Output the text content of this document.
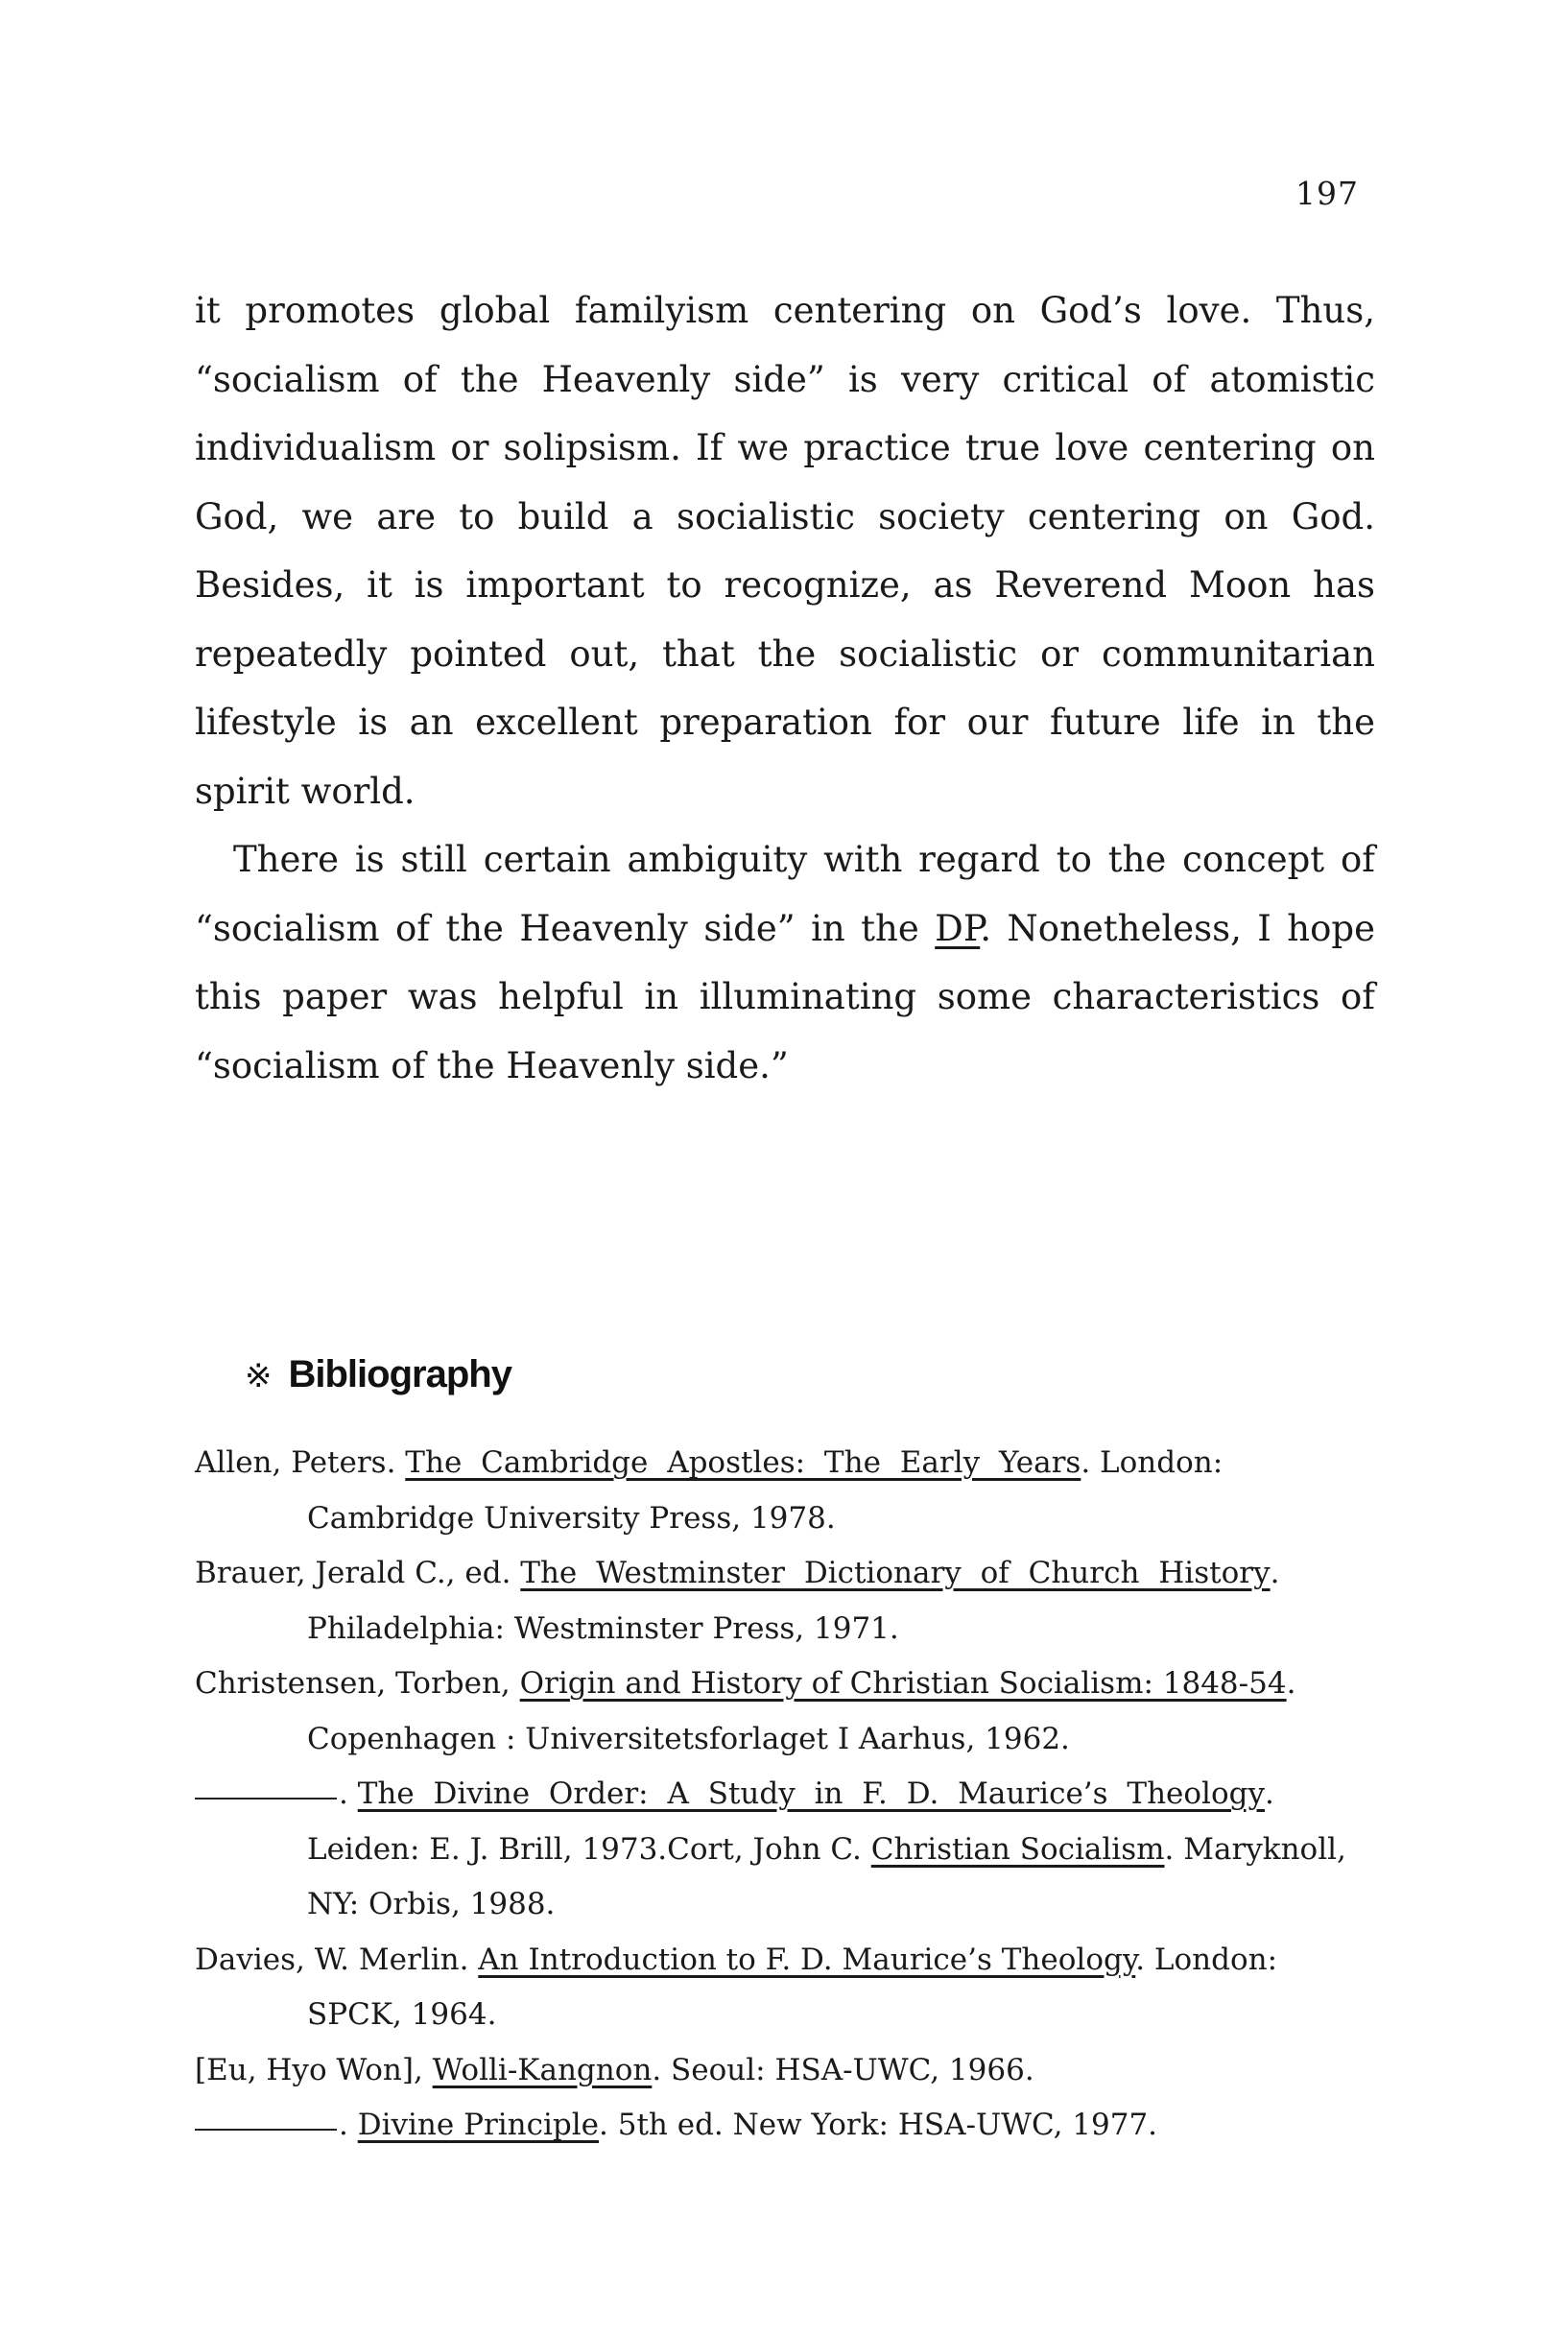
197

it promotes global familyism centering on God’s love. Thus, “socialism of the Heavenly side” is very critical of atomistic individualism or solipsism. If we practice true love centering on God, we are to build a socialistic society centering on God. Besides, it is important to recognize, as Reverend Moon has repeatedly pointed out, that the socialistic or communitarian lifestyle is an excellent preparation for our future life in the spirit world.

There is still certain ambiguity with regard to the concept of “socialism of the Heavenly side” in the DP. Nonetheless, I hope this paper was helpful in illuminating some characteristics of “socialism of the Heavenly side.”

※ Bibliography

Allen, Peters. The Cambridge Apostles: The Early Years. London: Cambridge University Press, 1978.

Brauer, Jerald C., ed. The Westminster Dictionary of Church History. Philadelphia: Westminster Press, 1971.

Christensen, Torben, Origin and History of Christian Socialism: 1848-54. Copenhagen : Universitetsforlaget I Aarhus, 1962.

. The Divine Order: A Study in F. D. Maurice’s Theology. Leiden: E. J. Brill, 1973.Cort, John C. Christian Socialism. Maryknoll, NY: Orbis, 1988.

Davies, W. Merlin. An Introduction to F. D. Maurice’s Theology. London: SPCK, 1964.

[Eu, Hyo Won], Wolli-Kangnon. Seoul: HSA-UWC, 1966.

. Divine Principle. 5th ed. New York: HSA-UWC, 1977.
